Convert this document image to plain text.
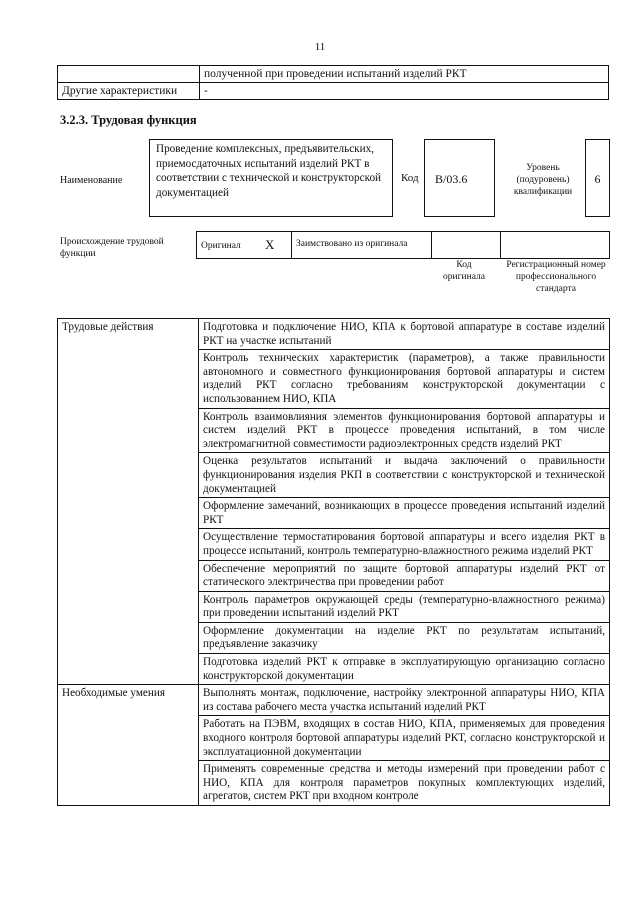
11
	полученной при проведении испытаний изделий РКТ
Другие характеристики	-
3.2.3. Трудовая функция
Наименование
Проведение комплексных, предъявительских, приемосдаточных испытаний изделий РКТ в соответствии с технической и конструкторской документацией
Код	B/03.6
Уровень (подуровень) квалификации
6
Происхождение трудовой функции
Оригинал X	Заимствовано из оригинала
Код оригинала
Регистрационный номер профессионального стандарта
Трудовые действия	Подготовка и подключение НИО, КПА к бортовой аппаратуре в составе изделий РКТ на участке испытаний
	Контроль технических характеристик (параметров), а также правильности автономного и совместного функционирования бортовой аппаратуры и систем изделий РКТ согласно требованиям конструкторской документации с использованием НИО, КПА
	Контроль взаимовлияния элементов функционирования бортовой аппаратуры и систем изделий РКТ в процессе проведения испытаний, в том числе электромагнитной совместимости радиоэлектронных средств изделий РКТ
	Оценка результатов испытаний и выдача заключений о правильности функционирования изделия РКП в соответствии с конструкторской и технической документацией
	Оформление замечаний, возникающих в процессе проведения испытаний изделий РКТ
	Осуществление термостатирования бортовой аппаратуры и всего изделия РКТ в процессе испытаний, контроль температурно-влажностного режима изделий РКТ
	Обеспечение мероприятий по защите бортовой аппаратуры изделий РКТ от статического электричества при проведении работ
	Контроль параметров окружающей среды (температурно-влажностного режима) при проведении испытаний изделий РКТ
	Оформление документации на изделие РКТ по результатам испытаний, предъявление заказчику
	Подготовка изделий РКТ к отправке в эксплуатирующую организацию согласно конструкторской документации
Необходимые умения	Выполнять монтаж, подключение, настройку электронной аппаратуры НИО, КПА из состава рабочего места участка испытаний изделий РКТ
	Работать на ПЭВМ, входящих в состав НИО, КПА, применяемых для проведения входного контроля бортовой аппаратуры изделий РКТ, согласно конструкторской и эксплуатационной документации
	Применять современные средства и методы измерений при проведении работ с НИО, КПА для контроля параметров покупных комплектующих изделий, агрегатов, систем РКТ при входном контроле
